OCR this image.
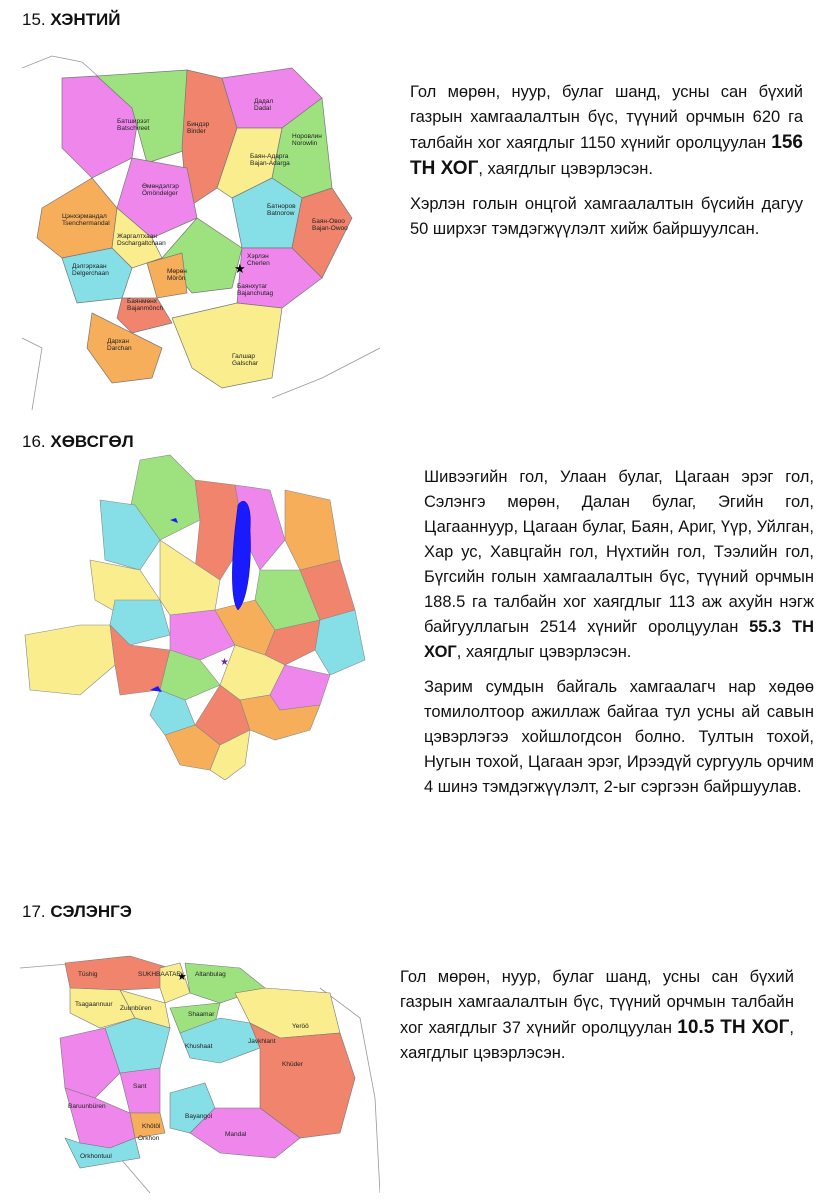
15. ХЭНТИЙ
★
Дадал
Dadal
Батширээт
Batschireet
Биндэр
Binder
Норовлин
Norowlin
Баян-Адарга
Bajan-Adarga
Өмөндэлгэр
Ömöndelger
Батноров
Batnorow
Цэнхэрмандал
Tsenchermandal	Баян-Овоо
Bajan-Owoo
Жаргалтхаан
Dschargaltchaan
Хэрлэн
Cherlen
Дэлгэрхаан
Delgerchaan	Мөрөн
Mörön
Баянхутаг
Bajanchutag
Баянмөнх
Bajanmönch
Дархан
Darchan
Галшар
Galschar

Гол мөрөн, нуур, булаг шанд, усны сан бүхий газрын хамгаалалтын бүс, түүний орчмын 620 га талбайн хог хаягдлыг 1150 хүнийг оролцуулан 156 ТН ХОГ, хаягдлыг цэвэрлэсэн.

Хэрлэн голын онцгой хамгаалалтын бүсийн дагуу 50 ширхэг тэмдэгжүүлэлт хийж байршуулсан.

16. ХӨВСГӨЛ
★

Шивээгийн гол, Улаан булаг, Цагаан эрэг гол, Сэлэнгэ мөрөн, Далан булаг, Эгийн гол, Цагааннуур, Цагаан булаг, Баян, Ариг, Үүр, Уйлган, Хар ус, Хавцгайн гол, Нүхтийн гол, Тээлийн гол, Бүгсийн голын хамгаалалтын бүс, түүний орчмын 188.5 га талбайн хог хаягдлыг 113 аж ахуйн нэгж байгууллагын 2514 хүнийг оролцуулан 55.3 ТН ХОГ, хаягдлыг цэвэрлэсэн.

Зарим сумдын байгаль хамгаалагч нар хөдөө томилолтоор ажиллаж байгаа тул усны ай савын цэвэрлэгээ хойшлогдсон болно. Тултын тохой, Нугын тохой, Цагаан эрэг, Ирээдүй сургууль орчим 4 шинэ тэмдэгжүүлэлт, 2-ыг сэргээн байршуулав.

17. СЭЛЭНГЭ
★
Tüshig	SUKHBAATAR Altanbulag
Tsagaannuur
Zuunbüren
Shaamar
Khushaat
Javkhlant
Yeröö
Khüder
Sant
Baruunbüren
Khötöl
Orkhon
Bayangol
Mandal
Orkhontuul

Гол мөрөн, нуур, булаг шанд, усны сан бүхий газрын хамгаалалтын бүс, түүний орчмын талбайн хог хаягдлыг 37 хүнийг оролцуулан 10.5 ТН ХОГ, хаягдлыг цэвэрлэсэн.
